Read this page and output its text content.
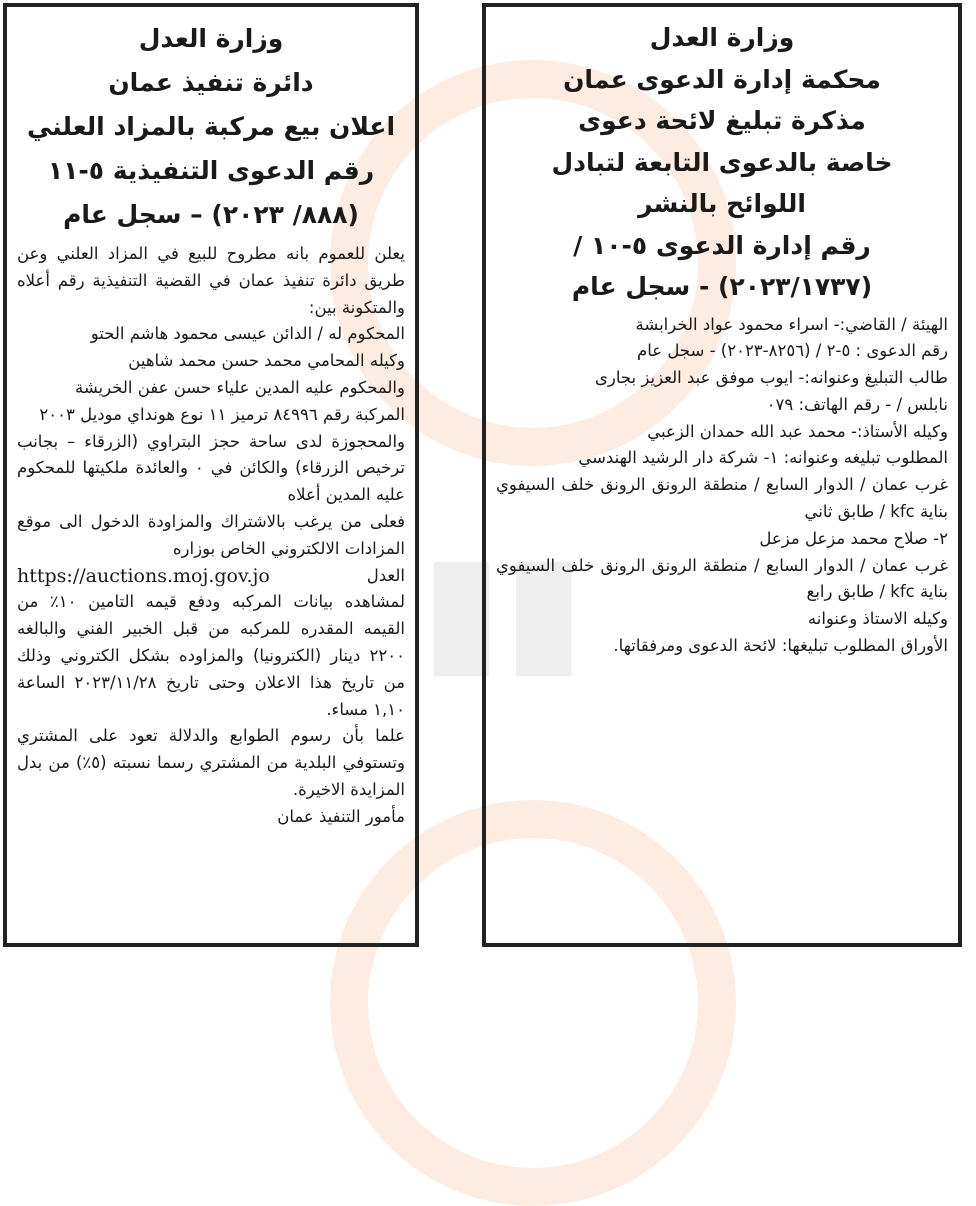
▮▮
وزارة العدل
دائرة تنفيذ عمان
اعلان بيع مركبة بالمزاد العلني
رقم الدعوى التنفيذية ٥-١١
(٨٨٨/ ٢٠٢٣) – سجل عام
يعلن للعموم بانه مطروح للبيع في المزاد العلني وعن طريق دائرة تنفيذ عمان في القضية التنفيذية رقم أعلاه والمتكونة بين:
المحكوم له / الدائن عيسى محمود هاشم الحتو
وكيله المحامي محمد حسن محمد شاهين
والمحكوم عليه المدين علياء حسن عفن الخريشة
المركبة رقم ٨٤٩٩٦ ترميز ١١ نوع هونداي موديل ٢٠٠٣
والمحجوزة لدى ساحة حجز البتراوي (الزرقاء – بجانب ترخيص الزرقاء) والكائن في ٠ والعائدة ملكيتها للمحكوم عليه المدين أعلاه
فعلى من يرغب بالاشتراك والمزاودة الدخول الى موقع المزادات الالكتروني الخاص بوزاره
العدل
https://auctions.moj.gov.jo
لمشاهده بيانات المركبه ودفع قيمه التامين ١٠٪ من القيمه المقدره للمركبه من قبل الخبير الفني والبالغه ٢٢٠٠ دينار (الكترونيا) والمزاوده بشكل الكتروني وذلك من تاريخ هذا الاعلان وحتى تاريخ ٢٠٢٣/١١/٢٨ الساعة ١,١٠ مساء.
علما بأن رسوم الطوابع والدلالة تعود على المشتري وتستوفي البلدية من المشتري رسما نسبته (٥٪) من بدل المزايدة الاخيرة.
مأمور التنفيذ عمان
وزارة العدل
محكمة إدارة الدعوى عمان
مذكرة تبليغ لائحة دعوى
خاصة بالدعوى التابعة لتبادل
اللوائح بالنشر
رقم إدارة الدعوى ٥-١٠ /
(٢٠٢٣/١٧٣٧) - سجل عام
الهيئة / القاضي:- اسراء محمود عواد الخرابشة
رقم الدعوى : ٥-٢ / (٨٢٥٦-٢٠٢٣) - سجل عام
طالب التبليغ وعنوانه:- ايوب موفق عبد العزيز بجارى
نابلس / - رقم الهاتف: ٠٧٩
وكيله الأستاذ:- محمد عبد الله حمدان الزعبي
المطلوب تبليغه وعنوانه: ١- شركة دار الرشيد الهندسي
غرب عمان / الدوار السابع / منطقة الرونق الرونق خلف السيفوي بناية kfc / طابق ثاني
٢- صلاح محمد مزعل مزعل
غرب عمان / الدوار السابع / منطقة الرونق الرونق خلف السيفوي بناية kfc / طابق رابع
وكيله الاستاذ وعنوانه
الأوراق المطلوب تبليغها: لائحة الدعوى ومرفقاتها.
